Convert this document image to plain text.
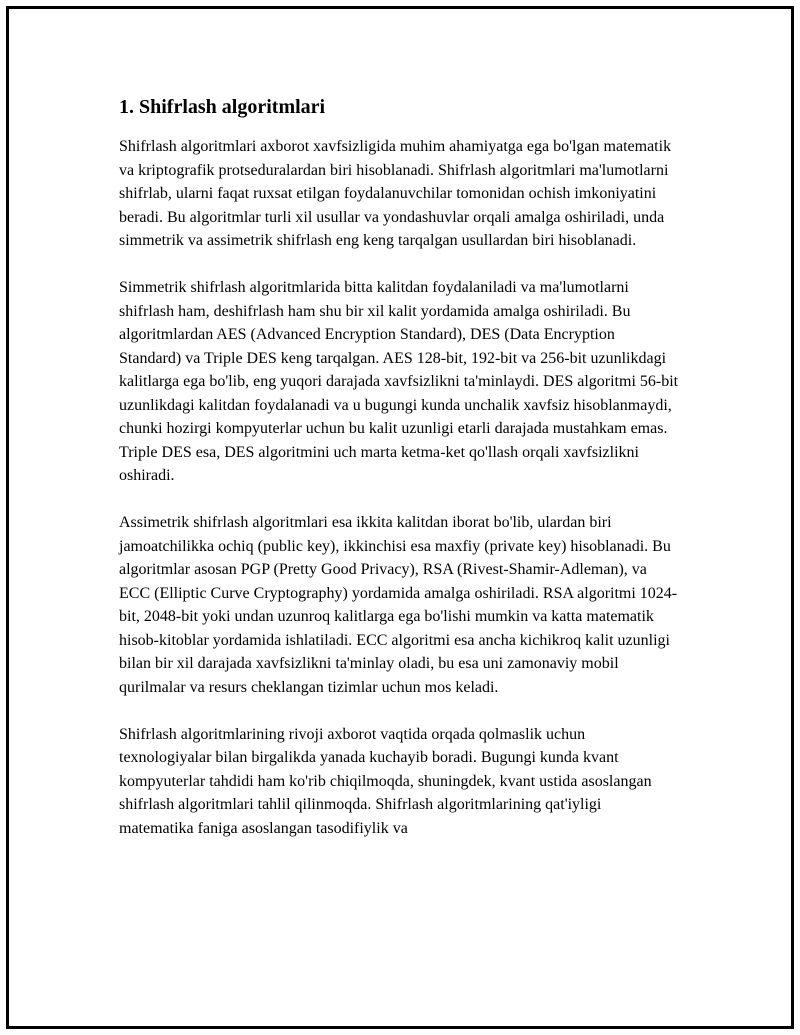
1. Shifrlash algoritmlari

Shifrlash algoritmlari axborot xavfsizligida muhim ahamiyatga ega bo'lgan matematik va kriptografik protseduralardan biri hisoblanadi. Shifrlash algoritmlari ma'lumotlarni shifrlab, ularni faqat ruxsat etilgan foydalanuvchilar tomonidan ochish imkoniyatini beradi. Bu algoritmlar turli xil usullar va yondashuvlar orqali amalga oshiriladi, unda simmetrik va assimetrik shifrlash eng keng tarqalgan usullardan biri hisoblanadi.

Simmetrik shifrlash algoritmlarida bitta kalitdan foydalaniladi va ma'lumotlarni shifrlash ham, deshifrlash ham shu bir xil kalit yordamida amalga oshiriladi. Bu algoritmlardan AES (Advanced Encryption Standard), DES (Data Encryption Standard) va Triple DES keng tarqalgan. AES 128-bit, 192-bit va 256-bit uzunlikdagi kalitlarga ega bo'lib, eng yuqori darajada xavfsizlikni ta'minlaydi. DES algoritmi 56-bit uzunlikdagi kalitdan foydalanadi va u bugungi kunda unchalik xavfsiz hisoblanmaydi, chunki hozirgi kompyuterlar uchun bu kalit uzunligi etarli darajada mustahkam emas. Triple DES esa, DES algoritmini uch marta ketma-ket qo'llash orqali xavfsizlikni oshiradi.

Assimetrik shifrlash algoritmlari esa ikkita kalitdan iborat bo'lib, ulardan biri jamoatchilikka ochiq (public key), ikkinchisi esa maxfiy (private key) hisoblanadi. Bu algoritmlar asosan PGP (Pretty Good Privacy), RSA (Rivest-Shamir-Adleman), va ECC (Elliptic Curve Cryptography) yordamida amalga oshiriladi. RSA algoritmi 1024-bit, 2048-bit yoki undan uzunroq kalitlarga ega bo'lishi mumkin va katta matematik hisob-kitoblar yordamida ishlatiladi. ECC algoritmi esa ancha kichikroq kalit uzunligi bilan bir xil darajada xavfsizlikni ta'minlay oladi, bu esa uni zamonaviy mobil qurilmalar va resurs cheklangan tizimlar uchun mos keladi.

Shifrlash algoritmlarining rivoji axborot vaqtida orqada qolmaslik uchun texnologiyalar bilan birgalikda yanada kuchayib boradi. Bugungi kunda kvant kompyuterlar tahdidi ham ko'rib chiqilmoqda, shuningdek, kvant ustida asoslangan shifrlash algoritmlari tahlil qilinmoqda. Shifrlash algoritmlarining qat'iyligi matematika faniga asoslangan tasodifiylik va
